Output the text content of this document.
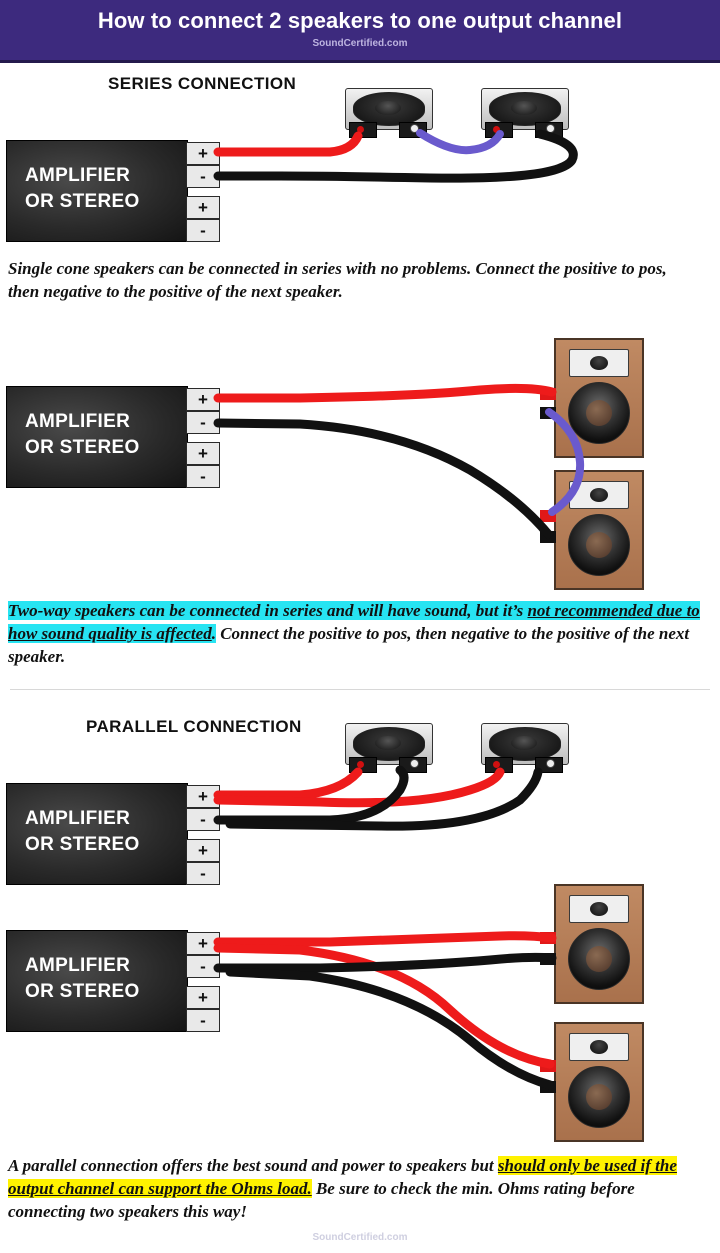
How to connect 2 speakers to one output channel
SoundCertified.com
SERIES CONNECTION
AMPLIFIER
OR STEREO
+
-
+
-
Single cone speakers can be connected in series with no problems. Connect the positive to pos, then negative to the positive of the next speaker.
AMPLIFIER
OR STEREO
+
-
+
-
Two-way speakers can be connected in series and will have sound, but it’s not recommended due to how sound quality is affected. Connect the positive to pos, then negative to the positive of the next speaker.
PARALLEL CONNECTION
AMPLIFIER
OR STEREO
+
-
+
-
AMPLIFIER
OR STEREO
+
-
+
-
A parallel connection offers the best sound and power to speakers but should only be used if the output channel can support the Ohms load. Be sure to check the min. Ohms rating before connecting two speakers this way!
SoundCertified.com
